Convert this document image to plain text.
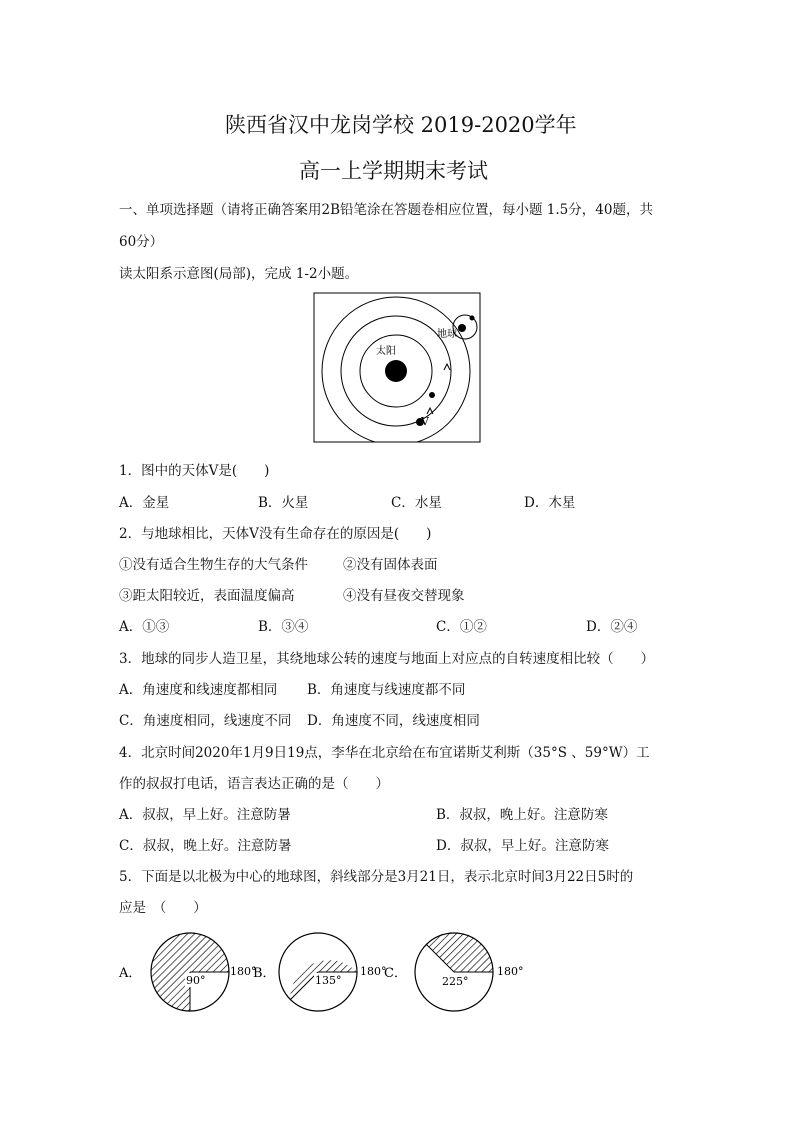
陕西省汉中龙岗学校 2019-2020学年
高一上学期期末考试
一、单项选择题（请将正确答案用2B铅笔涂在答题卷相应位置，每小题 1.5分，40题，共
60分）
读太阳系示意图(局部)，完成 1-2小题。
太阳
地球
V
1．图中的天体Ⅴ是(　　)
A．金星	B．火星	C．水星	D．木星
2．与地球相比，天体Ⅴ没有生命存在的原因是(　　)
①没有适合生物生存的大气条件	②没有固体表面
③距太阳较近，表面温度偏高	④没有昼夜交替现象
A．①③	B．③④	C．①②	D．②④
3．地球的同步人造卫星，其绕地球公转的速度与地面上对应点的自转速度相比较（　　）
A．角速度和线速度都相同 B．角速度与线速度都不同
C．角速度相同，线速度不同 D．角速度不同，线速度相同
4．北京时间2020年1月9日19点，李华在北京给在布宜诺斯艾利斯（35°S 、59°W）工
作的叔叔打电话，语言表达正确的是（　　）
A．叔叔，早上好。注意防暑	B．叔叔，晚上好。注意防寒
C．叔叔，晚上好。注意防暑	D．叔叔，早上好。注意防寒
5．下面是以北极为中心的地球图，斜线部分是3月21日，表示北京时间3月22日5时的
应是　（　　）
A．	90°
180°
B．	135°
180°
C．
225°
180°
